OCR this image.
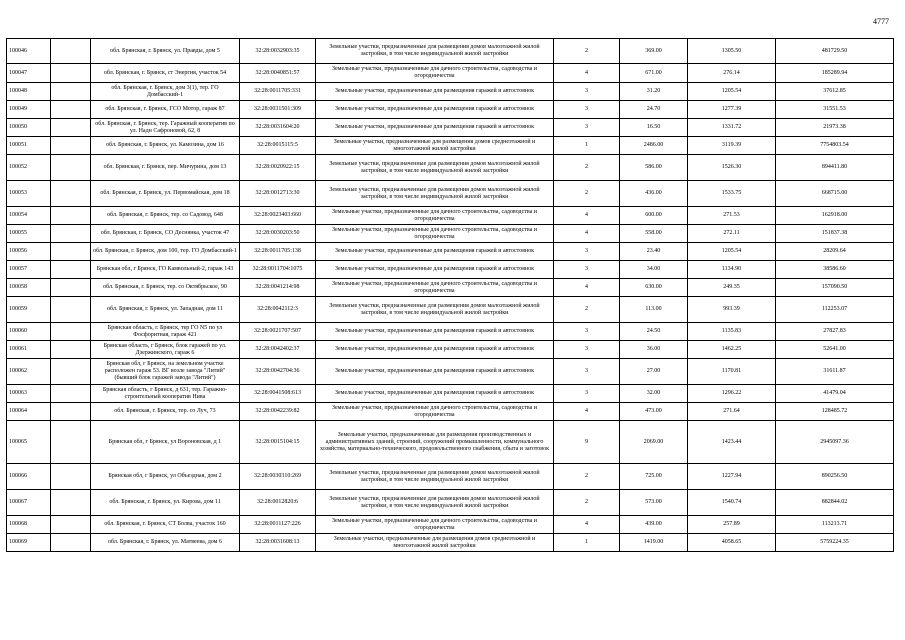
4777
100046		обл. Брянская, г. Брянск, ул. Правды, дом 5	32:28:0032903:35	Земельные участки, предназначенные для размещения домов малоэтажной жилой застройки, в том числе индивидуальной жилой застройки	2	369.00	1305.50	481729.50
100047		обл. Брянская, г. Брянск, ст Энергия, участок 54	32:28:0040851:57	Земельные участки, предназначенные для дачного строительства, садоводства и огородничества	4	671.00	276.14	185289.94
100048		обл. Брянская, г. Брянск, дом 3(1), тер. ГО Домбасский-1	32:28:0011705:331	Земельные участки, предназначенные для размещения гаражей и автостоянок	3	31.20	1205.54	37612.85
100049		обл. Брянская, г. Брянск, ГСО Мотор, гараж 87	32:28:0031501:309	Земельные участки, предназначенные для размещения гаражей и автостоянок	3	24.70	1277.39	31551.53
100050		обл. Брянская, г. Брянск, тер. Гаражный кооператив по ул. Надн Сафроновой, 62, 8	32:28:0031604:20	Земельные участки, предназначенные для размещения гаражей и автостоянок	3	16.50	1331.72	21973.38
100051		обл. Брянская, г. Брянск, ул. Камозина, дом 16	32:28:0015115:5	Земельные участки, предназначенные для размещения домов среднеэтажной и многоэтажной жилой застройки	1	2486.00	3119.39	7754803.54
100052		обл. Брянская, г. Брянск, пер. Мичурина, дом 13	32:28:0020922:15	Земельные участки, предназначенные для размещения домов малоэтажной жилой застройки, в том числе индивидуальной жилой застройки	2	586.00	1526.30	894411.80
100053		обл. Брянская, г. Брянск, ул. Первомайская, дом 18	32:28:0012713:30	Земельные участки, предназначенные для размещения домов малоэтажной жилой застройки, в том числе индивидуальной жилой застройки	2	436.00	1533.75	668715.00
100054		обл. Брянская, г. Брянск, тер. со Садовод, 648	32:28:0023403:660	Земельные участки, предназначенные для дачного строительства, садоводства и огородничества	4	600.00	271.53	162918.00
100055		обл. Брянская, г. Брянск, СО Деснянка, участок 47	32:28:0030203:50	Земельные участки, предназначенные для дачного строительства, садоводства и огородничества	4	558.00	272.11	151837.38
100056		обл. Брянская, г. Брянск, дом 100, тер. ГО Домбасский-1	32:28:0011705:138	Земельные участки, предназначенные для размещения гаражей и автостоянок	3	23.40	1205.54	28209.64
100057		Брянская обл, г Брянск, ГО Камвольный-2, гараж 143	32:28:0011704:1075	Земельные участки, предназначенные для размещения гаражей и автостоянок	3	34.00	1134.90	38586.60
100058		обл. Брянская, г. Брянск, тер. со Октябрьское, 90	32:28:0041214:98	Земельные участки, предназначенные для дачного строительства, садоводства и огородничества	4	630.00	249.35	157090.50
100059		обл. Брянская, г. Брянск, ул. Западная, дом 11	32:28:0042112:3	Земельные участки, предназначенные для размещения домов малоэтажной жилой застройки, в том числе индивидуальной жилой застройки	2	113.00	993.39	112253.07
100060		Брянская область, г. Брянск, тер ГО N5 по ул Фосфоритная, гараж 421	32:28:0021707:507	Земельные участки, предназначенные для размещения гаражей и автостоянок	3	24.50	1135.83	27827.83
100061		Брянская область, г Брянск, блок гаражей по ул. Дзержинского, гараж 6	32:28:0042402:37	Земельные участки, предназначенные для размещения гаражей и автостоянок	3	36.00	1462.25	52641.00
100062		Брянская обл, г Брянск, на земельном участке расположен гараж 53. ВГ возле завода "Литий" (бывший блок гаражей завода "Литий")	32:28:0042704:36	Земельные участки, предназначенные для размещения гаражей и автостоянок	3	27.00	1170.81	31611.87
100063		Брянская область, г Брянск, д 631, тер. Гаражно-строительный кооператив Нива	32:28:0041508:613	Земельные участки, предназначенные для размещения гаражей и автостоянок	3	32.00	1296.22	41479.04
100064		обл. Брянская, г. Брянск, тер. со Луч, 73	32:28:0042239:82	Земельные участки, предназначенные для дачного строительства, садоводства и огородничества	4	473.00	271.64	128485.72
100065		Брянская обл, г Брянск, ул Вороновская, д 1	32:28:0015104:15	Земельные участки, предназначенные для размещения производственных и административных зданий, строений, сооружений промышленности, коммунального хозяйства, материально-технического, продовольственного снабжения, сбыта и заготовок	9	2069.00	1423.44	2945097.36
100066		Брянская обл, г Брянск, ул Объездная, дом 2	32:28:0030310:269	Земельные участки, предназначенные для размещения домов малоэтажной жилой застройки, в том числе индивидуальной жилой застройки	2	725.00	1227.94	890256.50
100067		обл. Брянская, г. Брянск, ул. Кирова, дом 11	32:28:0012820:6	Земельные участки, предназначенные для размещения домов малоэтажной жилой застройки, в том числе индивидуальной жилой застройки	2	573.00	1540.74	882844.02
100068		обл. Брянская, г. Брянск, СТ Болва, участок 160	32:28:0011127:226	Земельные участки, предназначенные для дачного строительства, садоводства и огородничества	4	439.00	257.89	113213.71
100069		обл. Брянская, г. Брянск, ул. Матвеева, дом 6	32:28:0031608:13	Земельные участки, предназначенные для размещения домов среднеэтажной и многоэтажной жилой застройки	1	1419.00	4058.65	5759224.35
